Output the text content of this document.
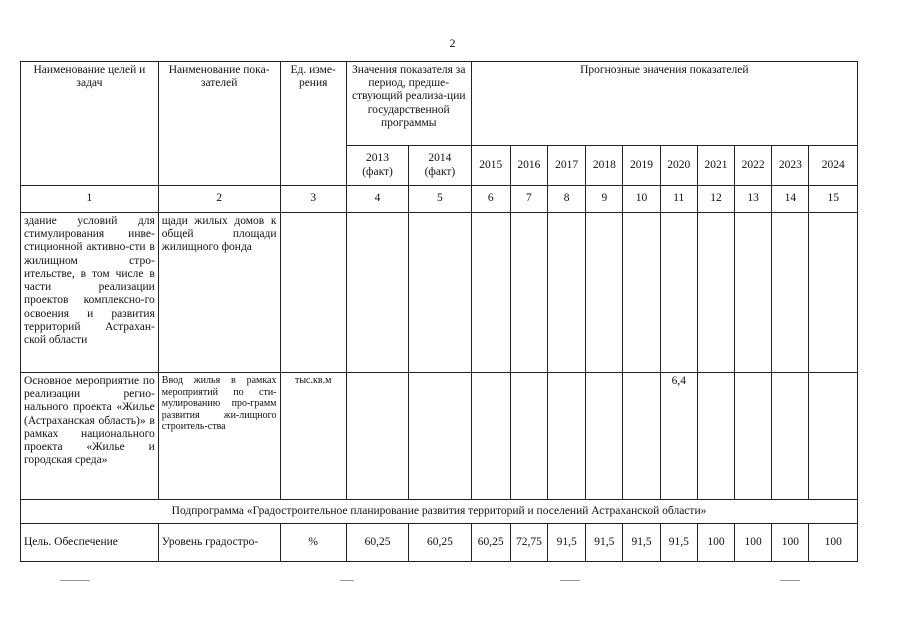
2
Наименование целей и задач	Наименование пока-зателей	Ед. изме-рения	Значения показателя за период, предше-ствующий реализа-ции государственной программы		Прогнозные значения показателей									
			2013 (факт)	2014 (факт)	2015	2016	2017	2018	2019	2020	2021	2022	2023	2024
1	2	3	4	5	6	7	8	9	10	11	12	13	14	15
здание условий для стимулирования инве-стиционной активно-сти в жилищном стро-ительстве, в том числе в части реализации проектов комплексно-го освоения и развития территорий Астрахан-ской области	щади жилых домов к общей площади жилищного фонда													
Основное мероприятие по реализации регио-нального проекта «Жилье (Астраханская область)» в рамках национального проекта «Жилье и городская среда»	Ввод жилья в рамках мероприятий по сти-мулированию про-грамм развития жи-лищного строитель-ства	тыс.кв.м								6,4				
Подпрограмма «Градостроительное планирование развития территорий и поселений Астраханской области»														
Цель. Обеспечение	Уровень градостро-	%	60,25	60,25	60,25	72,75	91,5	91,5	91,5	91,5	100	100	100	100
